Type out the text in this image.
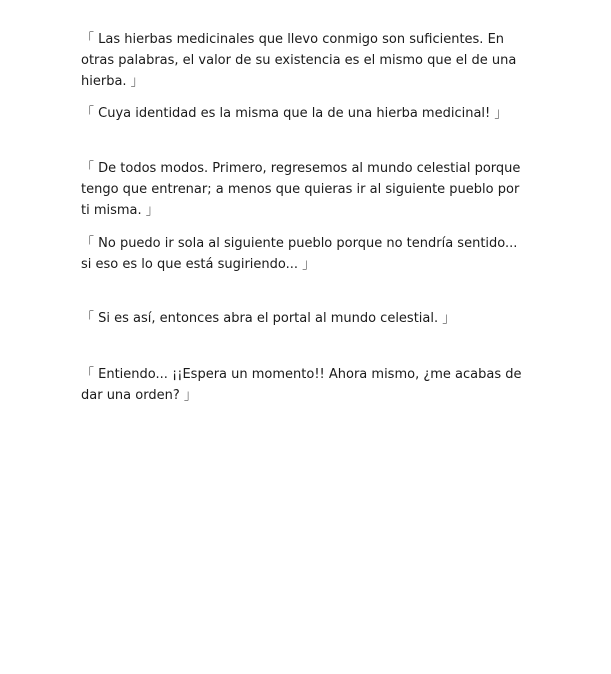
「 Las hierbas medicinales que llevo conmigo son suficientes. En otras palabras, el valor de su existencia es el mismo que el de una hierba. 」

「 Cuya identidad es la misma que la de una hierba medicinal! 」

「 De todos modos. Primero, regresemos al mundo celestial porque tengo que entrenar; a menos que quieras ir al siguiente pueblo por ti misma. 」

「 No puedo ir sola al siguiente pueblo porque no tendría sentido... si eso es lo que está sugiriendo... 」

「 Si es así, entonces abra el portal al mundo celestial. 」

「 Entiendo... ¡¡Espera un momento!! Ahora mismo, ¿me acabas de dar una orden? 」
